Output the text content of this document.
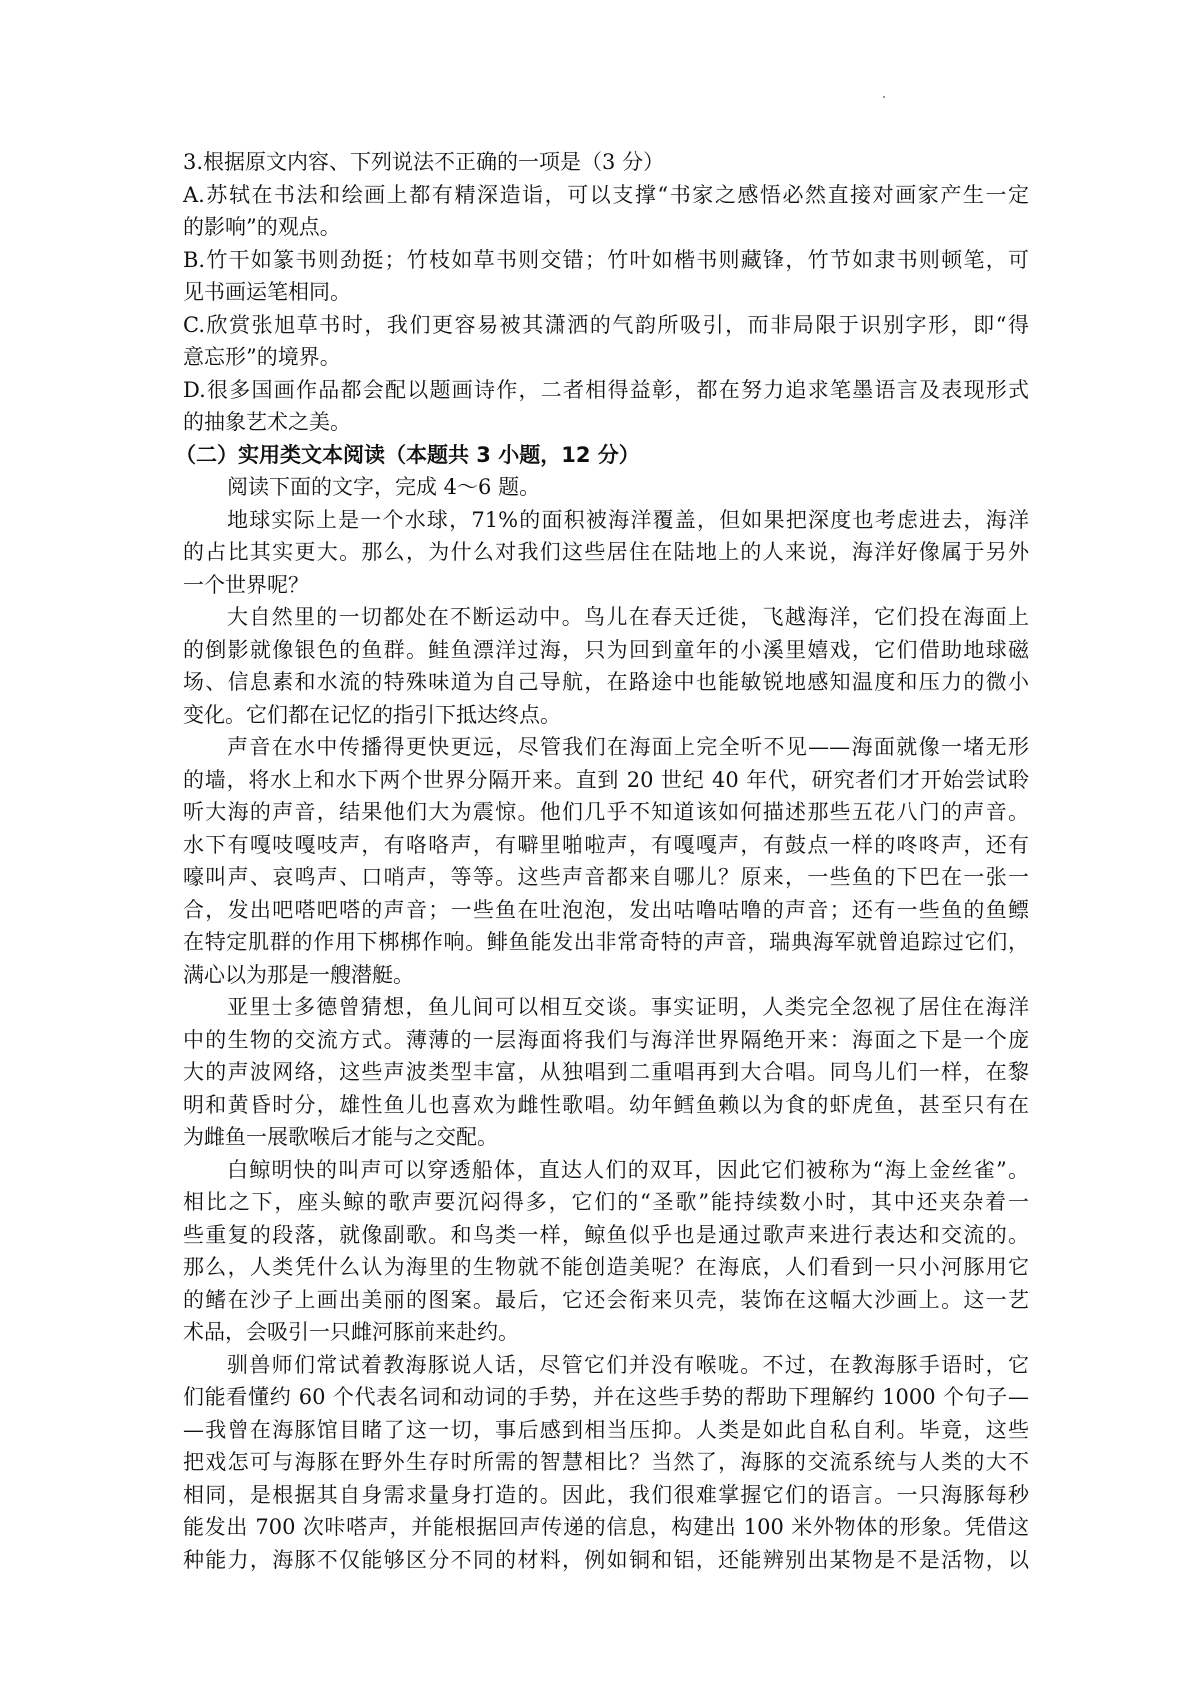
3.根据原文内容、下列说法不正确的一项是（3 分）
A.苏轼在书法和绘画上都有精深造诣，可以支撑“书家之感悟必然直接对画家产生一定
的影响”的观点。
B.竹干如篆书则劲挺；竹枝如草书则交错；竹叶如楷书则藏锋，竹节如隶书则顿笔，可
见书画运笔相同。
C.欣赏张旭草书时，我们更容易被其潇洒的气韵所吸引，而非局限于识别字形，即“得
意忘形”的境界。
D.很多国画作品都会配以题画诗作，二者相得益彰，都在努力追求笔墨语言及表现形式
的抽象艺术之美。
（二）实用类文本阅读（本题共 3 小题，12 分）
阅读下面的文字，完成 4～6 题。
地球实际上是一个水球，71%的面积被海洋覆盖，但如果把深度也考虑进去，海洋
的占比其实更大。那么，为什么对我们这些居住在陆地上的人来说，海洋好像属于另外
一个世界呢？
大自然里的一切都处在不断运动中。鸟儿在春天迁徙，飞越海洋，它们投在海面上
的倒影就像银色的鱼群。鲑鱼漂洋过海，只为回到童年的小溪里嬉戏，它们借助地球磁
场、信息素和水流的特殊味道为自己导航，在路途中也能敏锐地感知温度和压力的微小
变化。它们都在记忆的指引下抵达终点。
声音在水中传播得更快更远，尽管我们在海面上完全听不见——海面就像一堵无形
的墙，将水上和水下两个世界分隔开来。直到 20 世纪 40 年代，研究者们才开始尝试聆
听大海的声音，结果他们大为震惊。他们几乎不知道该如何描述那些五花八门的声音。
水下有嘎吱嘎吱声，有咯咯声，有噼里啪啦声，有嘎嘎声，有鼓点一样的咚咚声，还有
嚎叫声、哀鸣声、口哨声，等等。这些声音都来自哪儿？原来，一些鱼的下巴在一张一
合，发出吧嗒吧嗒的声音；一些鱼在吐泡泡，发出咕噜咕噜的声音；还有一些鱼的鱼鳔
在特定肌群的作用下梆梆作响。鲱鱼能发出非常奇特的声音，瑞典海军就曾追踪过它们，
满心以为那是一艘潜艇。
亚里士多德曾猜想，鱼儿间可以相互交谈。事实证明，人类完全忽视了居住在海洋
中的生物的交流方式。薄薄的一层海面将我们与海洋世界隔绝开来：海面之下是一个庞
大的声波网络，这些声波类型丰富，从独唱到二重唱再到大合唱。同鸟儿们一样，在黎
明和黄昏时分，雄性鱼儿也喜欢为雌性歌唱。幼年鳕鱼赖以为食的虾虎鱼，甚至只有在
为雌鱼一展歌喉后才能与之交配。
白鲸明快的叫声可以穿透船体，直达人们的双耳，因此它们被称为“海上金丝雀”。
相比之下，座头鲸的歌声要沉闷得多，它们的“圣歌”能持续数小时，其中还夹杂着一
些重复的段落，就像副歌。和鸟类一样，鲸鱼似乎也是通过歌声来进行表达和交流的。
那么，人类凭什么认为海里的生物就不能创造美呢？在海底，人们看到一只小河豚用它
的鳍在沙子上画出美丽的图案。最后，它还会衔来贝壳，装饰在这幅大沙画上。这一艺
术品，会吸引一只雌河豚前来赴约。
驯兽师们常试着教海豚说人话，尽管它们并没有喉咙。不过，在教海豚手语时，它
们能看懂约 60 个代表名词和动词的手势，并在这些手势的帮助下理解约 1000 个句子—
—我曾在海豚馆目睹了这一切，事后感到相当压抑。人类是如此自私自利。毕竟，这些
把戏怎可与海豚在野外生存时所需的智慧相比？当然了，海豚的交流系统与人类的大不
相同，是根据其自身需求量身打造的。因此，我们很难掌握它们的语言。一只海豚每秒
能发出 700 次咔嗒声，并能根据回声传递的信息，构建出 100 米外物体的形象。凭借这
种能力，海豚不仅能够区分不同的材料，例如铜和铝，还能辨别出某物是不是活物，以
